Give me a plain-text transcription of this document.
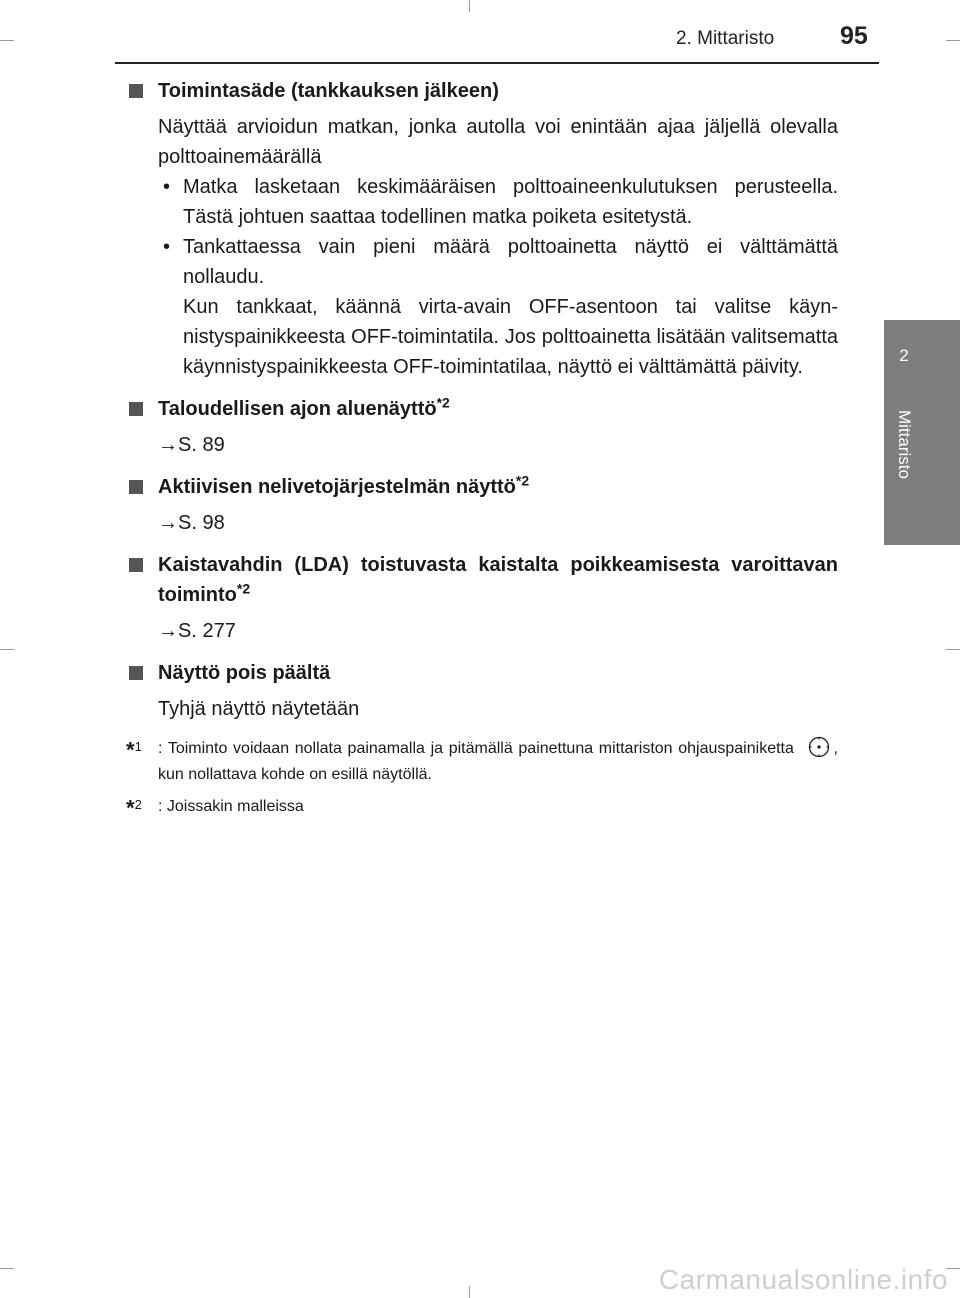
2. Mittaristo	95
2
Mittaristo
Toimintasäde (tankkauksen jälkeen)
Näyttää arvioidun matkan, jonka autolla voi enintään ajaa jäljellä olevalla polttoainemäärällä
• Matka lasketaan keskimääräisen polttoaineenkulutuksen perusteella. Tästä johtuen saattaa todellinen matka poiketa esitetystä.
• Tankattaessa vain pieni määrä polttoainetta näyttö ei välttämättä nollaudu.
Kun tankkaat, käännä virta-avain OFF-asentoon tai valitse käynnistyspainikkeesta OFF-toimintatila. Jos polttoainetta lisätään valitsematta käynnistyspainikkeesta OFF-toimintatilaa, näyttö ei välttämättä päivity.
Taloudellisen ajon aluenäyttö$^{*2}$
→S. 89
Aktiivisen nelivetojärjestelmän näyttö$^{*2}$
→S. 98
Kaistavahdin (LDA) toistuvasta kaistalta poikkeamisesta varoittavan toiminto$^{*2}$
→S. 277
Näyttö pois päältä
Tyhjä näyttö näytetään
*$^1$ : Toiminto voidaan nollata painamalla ja pitämällä painettuna mittariston ohjauspainiketta , kun nollattava kohde on esillä näytöllä.
*$^2$ : Joissakin malleissa
Carmanualsonline.info
